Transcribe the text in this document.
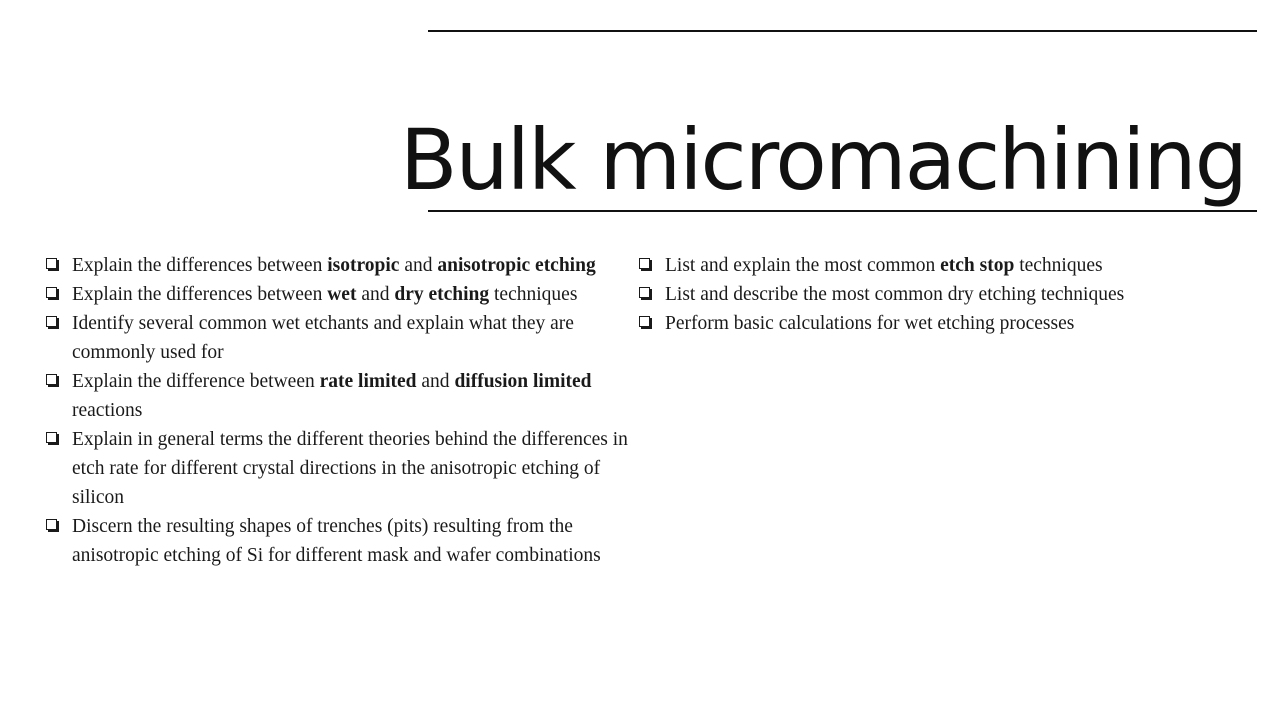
Bulk micromachining
Explain the differences between isotropic and anisotropic etching
Explain the differences between wet and dry etching techniques
Identify several common wet etchants and explain what they are commonly used for
Explain the difference between rate limited and diffusion limited reactions
Explain in general terms the different theories behind the differences in etch rate for different crystal directions in the anisotropic etching of silicon
Discern the resulting shapes of trenches (pits) resulting from the anisotropic etching of Si for different mask and wafer combinations
List and explain the most common etch stop techniques
List and describe the most common dry etching techniques
Perform basic calculations for wet etching processes
